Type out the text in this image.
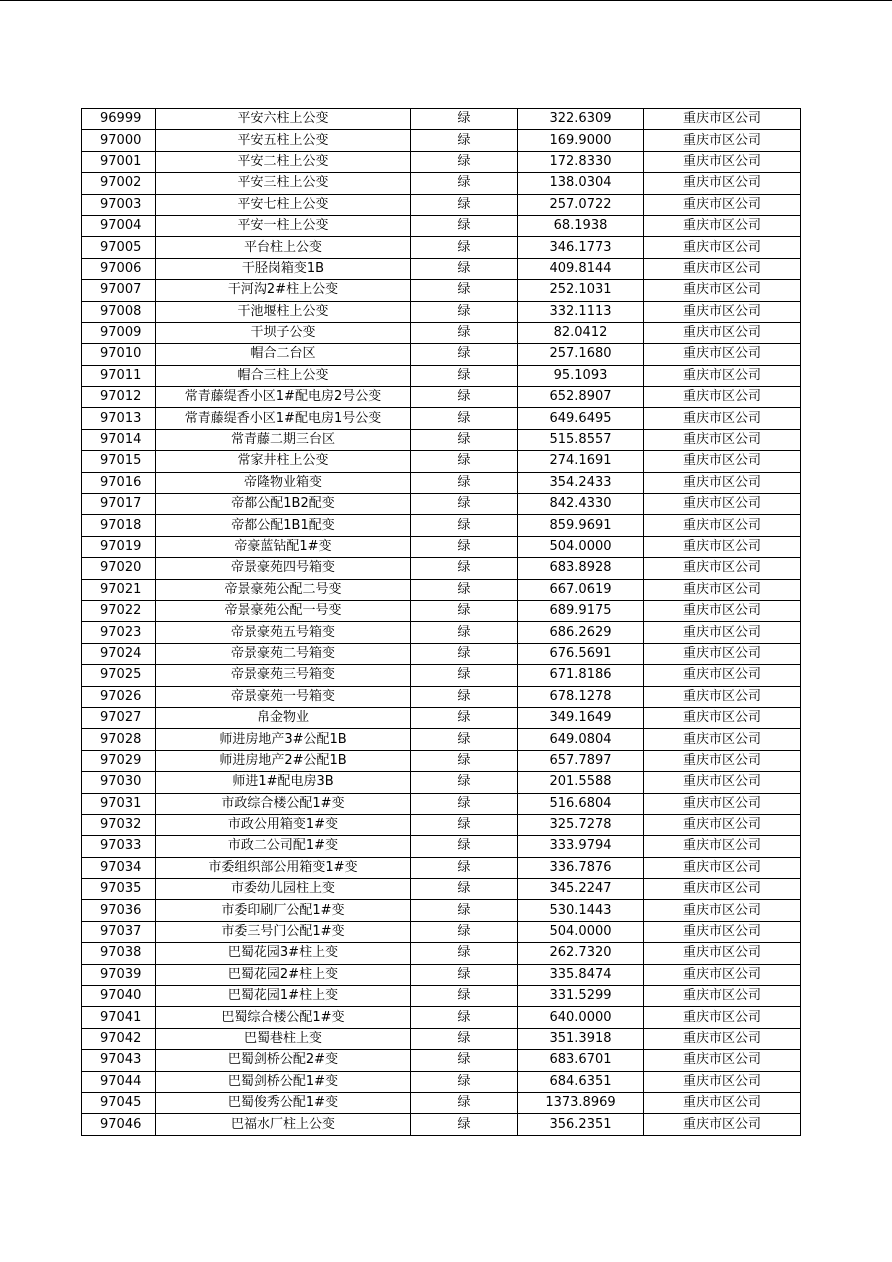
96999	平安六柱上公变	绿	322.6309	重庆市区公司
97000	平安五柱上公变	绿	169.9000	重庆市区公司
97001	平安二柱上公变	绿	172.8330	重庆市区公司
97002	平安三柱上公变	绿	138.0304	重庆市区公司
97003	平安七柱上公变	绿	257.0722	重庆市区公司
97004	平安一柱上公变	绿	68.1938	重庆市区公司
97005	平台柱上公变	绿	346.1773	重庆市区公司
97006	干胫岗箱变1B	绿	409.8144	重庆市区公司
97007	干河沟2#柱上公变	绿	252.1031	重庆市区公司
97008	干池堰柱上公变	绿	332.1113	重庆市区公司
97009	干坝子公变	绿	82.0412	重庆市区公司
97010	帽合二台区	绿	257.1680	重庆市区公司
97011	帽合三柱上公变	绿	95.1093	重庆市区公司
97012	常青藤缇香小区1#配电房2号公变	绿	652.8907	重庆市区公司
97013	常青藤缇香小区1#配电房1号公变	绿	649.6495	重庆市区公司
97014	常青藤二期三台区	绿	515.8557	重庆市区公司
97015	常家井柱上公变	绿	274.1691	重庆市区公司
97016	帝隆物业箱变	绿	354.2433	重庆市区公司
97017	帝都公配1B2配变	绿	842.4330	重庆市区公司
97018	帝都公配1B1配变	绿	859.9691	重庆市区公司
97019	帝豪蓝钻配1#变	绿	504.0000	重庆市区公司
97020	帝景豪苑四号箱变	绿	683.8928	重庆市区公司
97021	帝景豪苑公配二号变	绿	667.0619	重庆市区公司
97022	帝景豪苑公配一号变	绿	689.9175	重庆市区公司
97023	帝景豪苑五号箱变	绿	686.2629	重庆市区公司
97024	帝景豪苑二号箱变	绿	676.5691	重庆市区公司
97025	帝景豪苑三号箱变	绿	671.8186	重庆市区公司
97026	帝景豪苑一号箱变	绿	678.1278	重庆市区公司
97027	帛金物业	绿	349.1649	重庆市区公司
97028	师进房地产3#公配1B	绿	649.0804	重庆市区公司
97029	师进房地产2#公配1B	绿	657.7897	重庆市区公司
97030	师进1#配电房3B	绿	201.5588	重庆市区公司
97031	市政综合楼公配1#变	绿	516.6804	重庆市区公司
97032	市政公用箱变1#变	绿	325.7278	重庆市区公司
97033	市政二公司配1#变	绿	333.9794	重庆市区公司
97034	市委组织部公用箱变1#变	绿	336.7876	重庆市区公司
97035	市委幼儿园柱上变	绿	345.2247	重庆市区公司
97036	市委印刷厂公配1#变	绿	530.1443	重庆市区公司
97037	市委三号门公配1#变	绿	504.0000	重庆市区公司
97038	巴蜀花园3#柱上变	绿	262.7320	重庆市区公司
97039	巴蜀花园2#柱上变	绿	335.8474	重庆市区公司
97040	巴蜀花园1#柱上变	绿	331.5299	重庆市区公司
97041	巴蜀综合楼公配1#变	绿	640.0000	重庆市区公司
97042	巴蜀巷柱上变	绿	351.3918	重庆市区公司
97043	巴蜀剑桥公配2#变	绿	683.6701	重庆市区公司
97044	巴蜀剑桥公配1#变	绿	684.6351	重庆市区公司
97045	巴蜀俊秀公配1#变	绿	1373.8969	重庆市区公司
97046	巴福水厂柱上公变	绿	356.2351	重庆市区公司
